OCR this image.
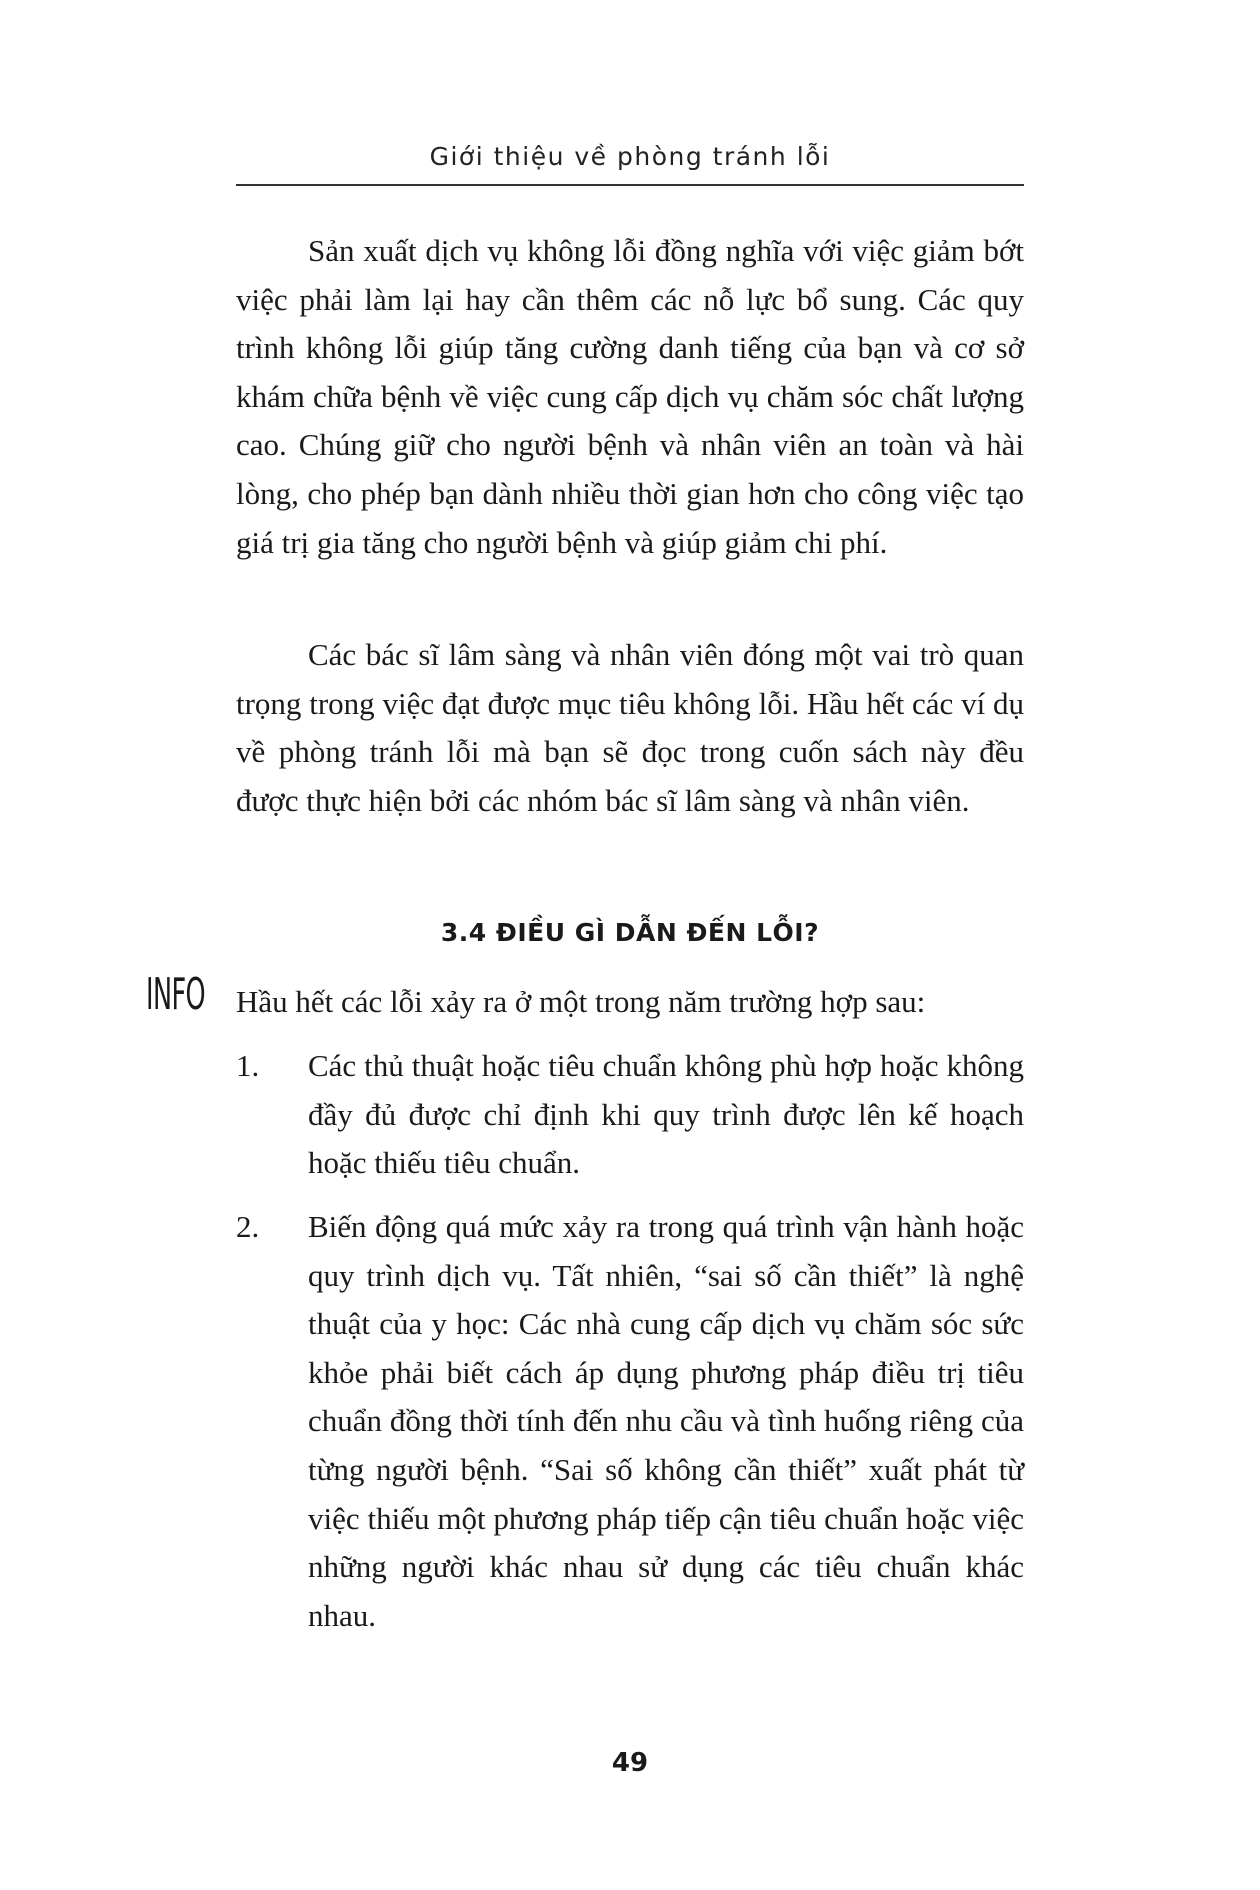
Giới thiệu về phòng tránh lỗi

Sản xuất dịch vụ không lỗi đồng nghĩa với việc giảm bớt việc phải làm lại hay cần thêm các nỗ lực bổ sung. Các quy trình không lỗi giúp tăng cường danh tiếng của bạn và cơ sở khám chữa bệnh về việc cung cấp dịch vụ chăm sóc chất lượng cao. Chúng giữ cho người bệnh và nhân viên an toàn và hài lòng, cho phép bạn dành nhiều thời gian hơn cho công việc tạo giá trị gia tăng cho người bệnh và giúp giảm chi phí.

Các bác sĩ lâm sàng và nhân viên đóng một vai trò quan trọng trong việc đạt được mục tiêu không lỗi. Hầu hết các ví dụ về phòng tránh lỗi mà bạn sẽ đọc trong cuốn sách này đều được thực hiện bởi các nhóm bác sĩ lâm sàng và nhân viên.

3.4 ĐIỀU GÌ DẪN ĐẾN LỖI?
INFO Hầu hết các lỗi xảy ra ở một trong năm trường hợp sau:

1.	Các thủ thuật hoặc tiêu chuẩn không phù hợp hoặc không đầy đủ được chỉ định khi quy trình được lên kế hoạch hoặc thiếu tiêu chuẩn.
2.	Biến động quá mức xảy ra trong quá trình vận hành hoặc quy trình dịch vụ. Tất nhiên, “sai số cần thiết” là nghệ thuật của y học: Các nhà cung cấp dịch vụ chăm sóc sức khỏe phải biết cách áp dụng phương pháp điều trị tiêu chuẩn đồng thời tính đến nhu cầu và tình huống riêng của từng người bệnh. “Sai số không cần thiết” xuất phát từ việc thiếu một phương pháp tiếp cận tiêu chuẩn hoặc việc những người khác nhau sử dụng các tiêu chuẩn khác nhau.
49
